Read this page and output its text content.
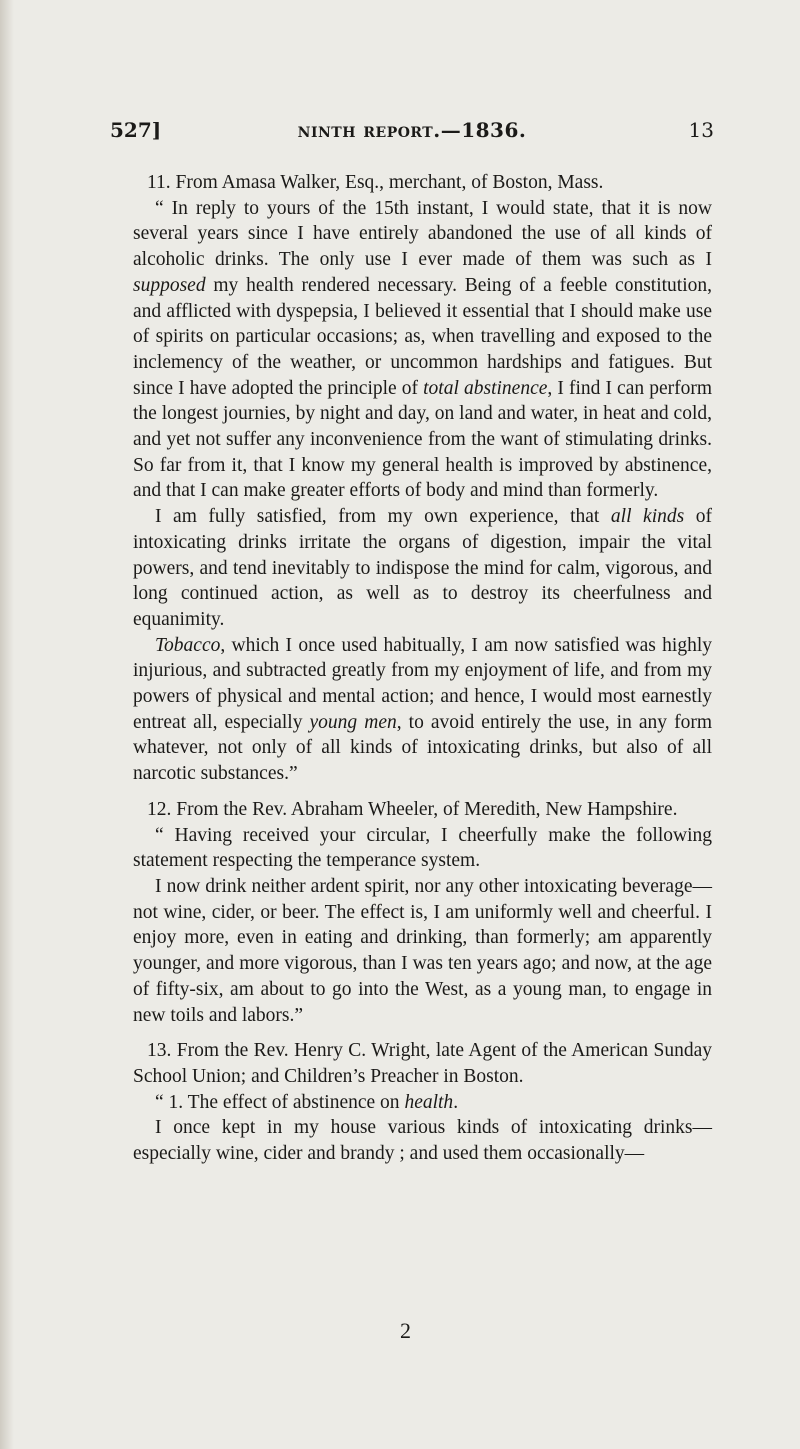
527]	ninth report.—1836.	13

11. From Amasa Walker, Esq., merchant, of Boston, Mass.

“ In reply to yours of the 15th instant, I would state, that it is now several years since I have entirely abandoned the use of all kinds of alcoholic drinks. The only use I ever made of them was such as I supposed my health rendered necessary. Being of a feeble constitution, and afflicted with dyspepsia, I believed it essential that I should make use of spirits on particular occasions; as, when travelling and exposed to the inclemency of the weather, or uncommon hardships and fatigues. But since I have adopted the principle of total abstinence, I find I can perform the longest journies, by night and day, on land and water, in heat and cold, and yet not suffer any inconvenience from the want of stimulating drinks. So far from it, that I know my general health is improved by abstinence, and that I can make greater efforts of body and mind than formerly.

I am fully satisfied, from my own experience, that all kinds of intoxicating drinks irritate the organs of digestion, impair the vital powers, and tend inevitably to indispose the mind for calm, vigorous, and long continued action, as well as to destroy its cheerfulness and equanimity.

Tobacco, which I once used habitually, I am now satisfied was highly injurious, and subtracted greatly from my enjoyment of life, and from my powers of physical and mental action; and hence, I would most earnestly entreat all, especially young men, to avoid entirely the use, in any form whatever, not only of all kinds of intoxicating drinks, but also of all narcotic substances.”

12. From the Rev. Abraham Wheeler, of Meredith, New Hampshire.

“ Having received your circular, I cheerfully make the following statement respecting the temperance system.

I now drink neither ardent spirit, nor any other intoxicating beverage—not wine, cider, or beer. The effect is, I am uniformly well and cheerful. I enjoy more, even in eating and drinking, than formerly; am apparently younger, and more vigorous, than I was ten years ago; and now, at the age of fifty-six, am about to go into the West, as a young man, to engage in new toils and labors.”

13. From the Rev. Henry C. Wright, late Agent of the American Sunday School Union; and Children’s Preacher in Boston.

“ 1. The effect of abstinence on health.

I once kept in my house various kinds of intoxicating drinks—especially wine, cider and brandy ; and used them occasionally—

2
